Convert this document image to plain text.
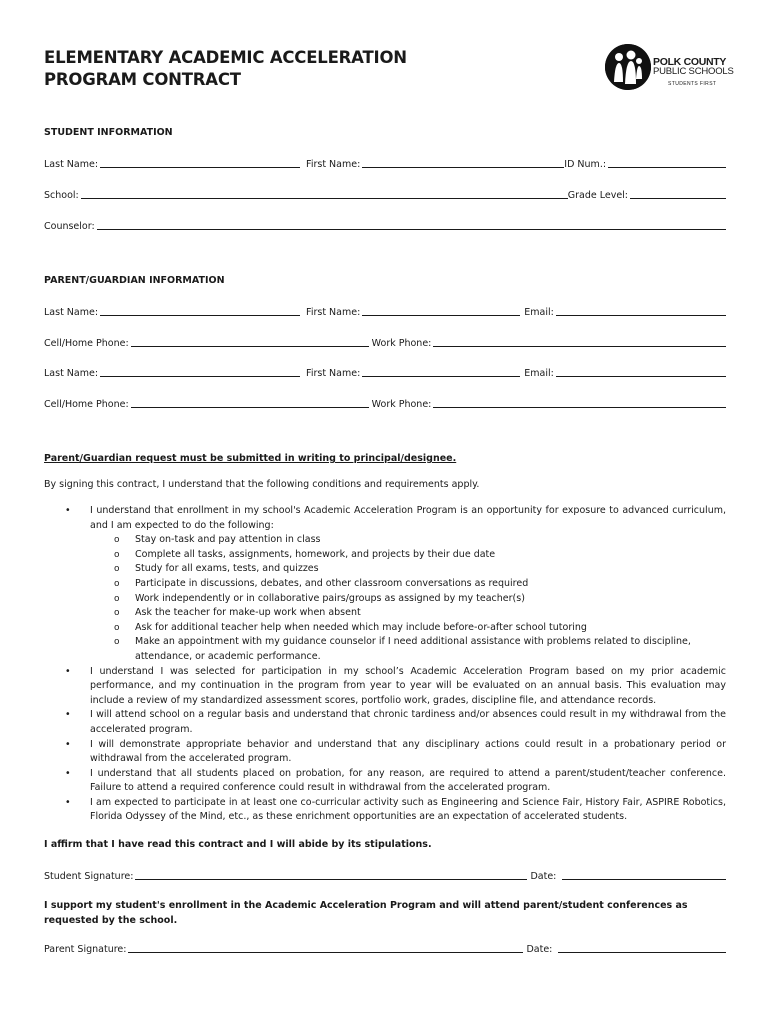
ELEMENTARY ACADEMIC ACCELERATION
PROGRAM CONTRACT
POLK COUNTY
PUBLIC SCHOOLS
STUDENTS FIRST
STUDENT INFORMATION
Last Name:	First Name:	ID Num.:
School:	Grade Level:
Counselor:
PARENT/GUARDIAN INFORMATION
Last Name:	First Name:	Email:
Cell/Home Phone:	Work Phone:
Last Name:	First Name:	Email:
Cell/Home Phone:	Work Phone:
Parent/Guardian request must be submitted in writing to principal/designee.
By signing this contract, I understand that the following conditions and requirements apply.
• I understand that enrollment in my school's Academic Acceleration Program is an opportunity for exposure to advanced curriculum, and I am expected to do the following:
o Stay on-task and pay attention in class
o Complete all tasks, assignments, homework, and projects by their due date
o Study for all exams, tests, and quizzes
o Participate in discussions, debates, and other classroom conversations as required
o Work independently or in collaborative pairs/groups as assigned by my teacher(s)
o Ask the teacher for make-up work when absent
o Ask for additional teacher help when needed which may include before-or-after school tutoring
o Make an appointment with my guidance counselor if I need additional assistance with problems related to discipline, attendance, or academic performance.
• I understand I was selected for participation in my school’s Academic Acceleration Program based on my prior academic performance, and my continuation in the program from year to year will be evaluated on an annual basis. This evaluation may include a review of my standardized assessment scores, portfolio work, grades, discipline file, and attendance records.
• I will attend school on a regular basis and understand that chronic tardiness and/or absences could result in my withdrawal from the accelerated program.
• I will demonstrate appropriate behavior and understand that any disciplinary actions could result in a probationary period or withdrawal from the accelerated program.
• I understand that all students placed on probation, for any reason, are required to attend a parent/student/teacher conference. Failure to attend a required conference could result in withdrawal from the accelerated program.
• I am expected to participate in at least one co-curricular activity such as Engineering and Science Fair, History Fair, ASPIRE Robotics, Florida Odyssey of the Mind, etc., as these enrichment opportunities are an expectation of accelerated students.
I affirm that I have read this contract and I will abide by its stipulations.
Student Signature:	Date:
I support my student's enrollment in the Academic Acceleration Program and will attend parent/student conferences as requested by the school.
Parent Signature:	Date:
